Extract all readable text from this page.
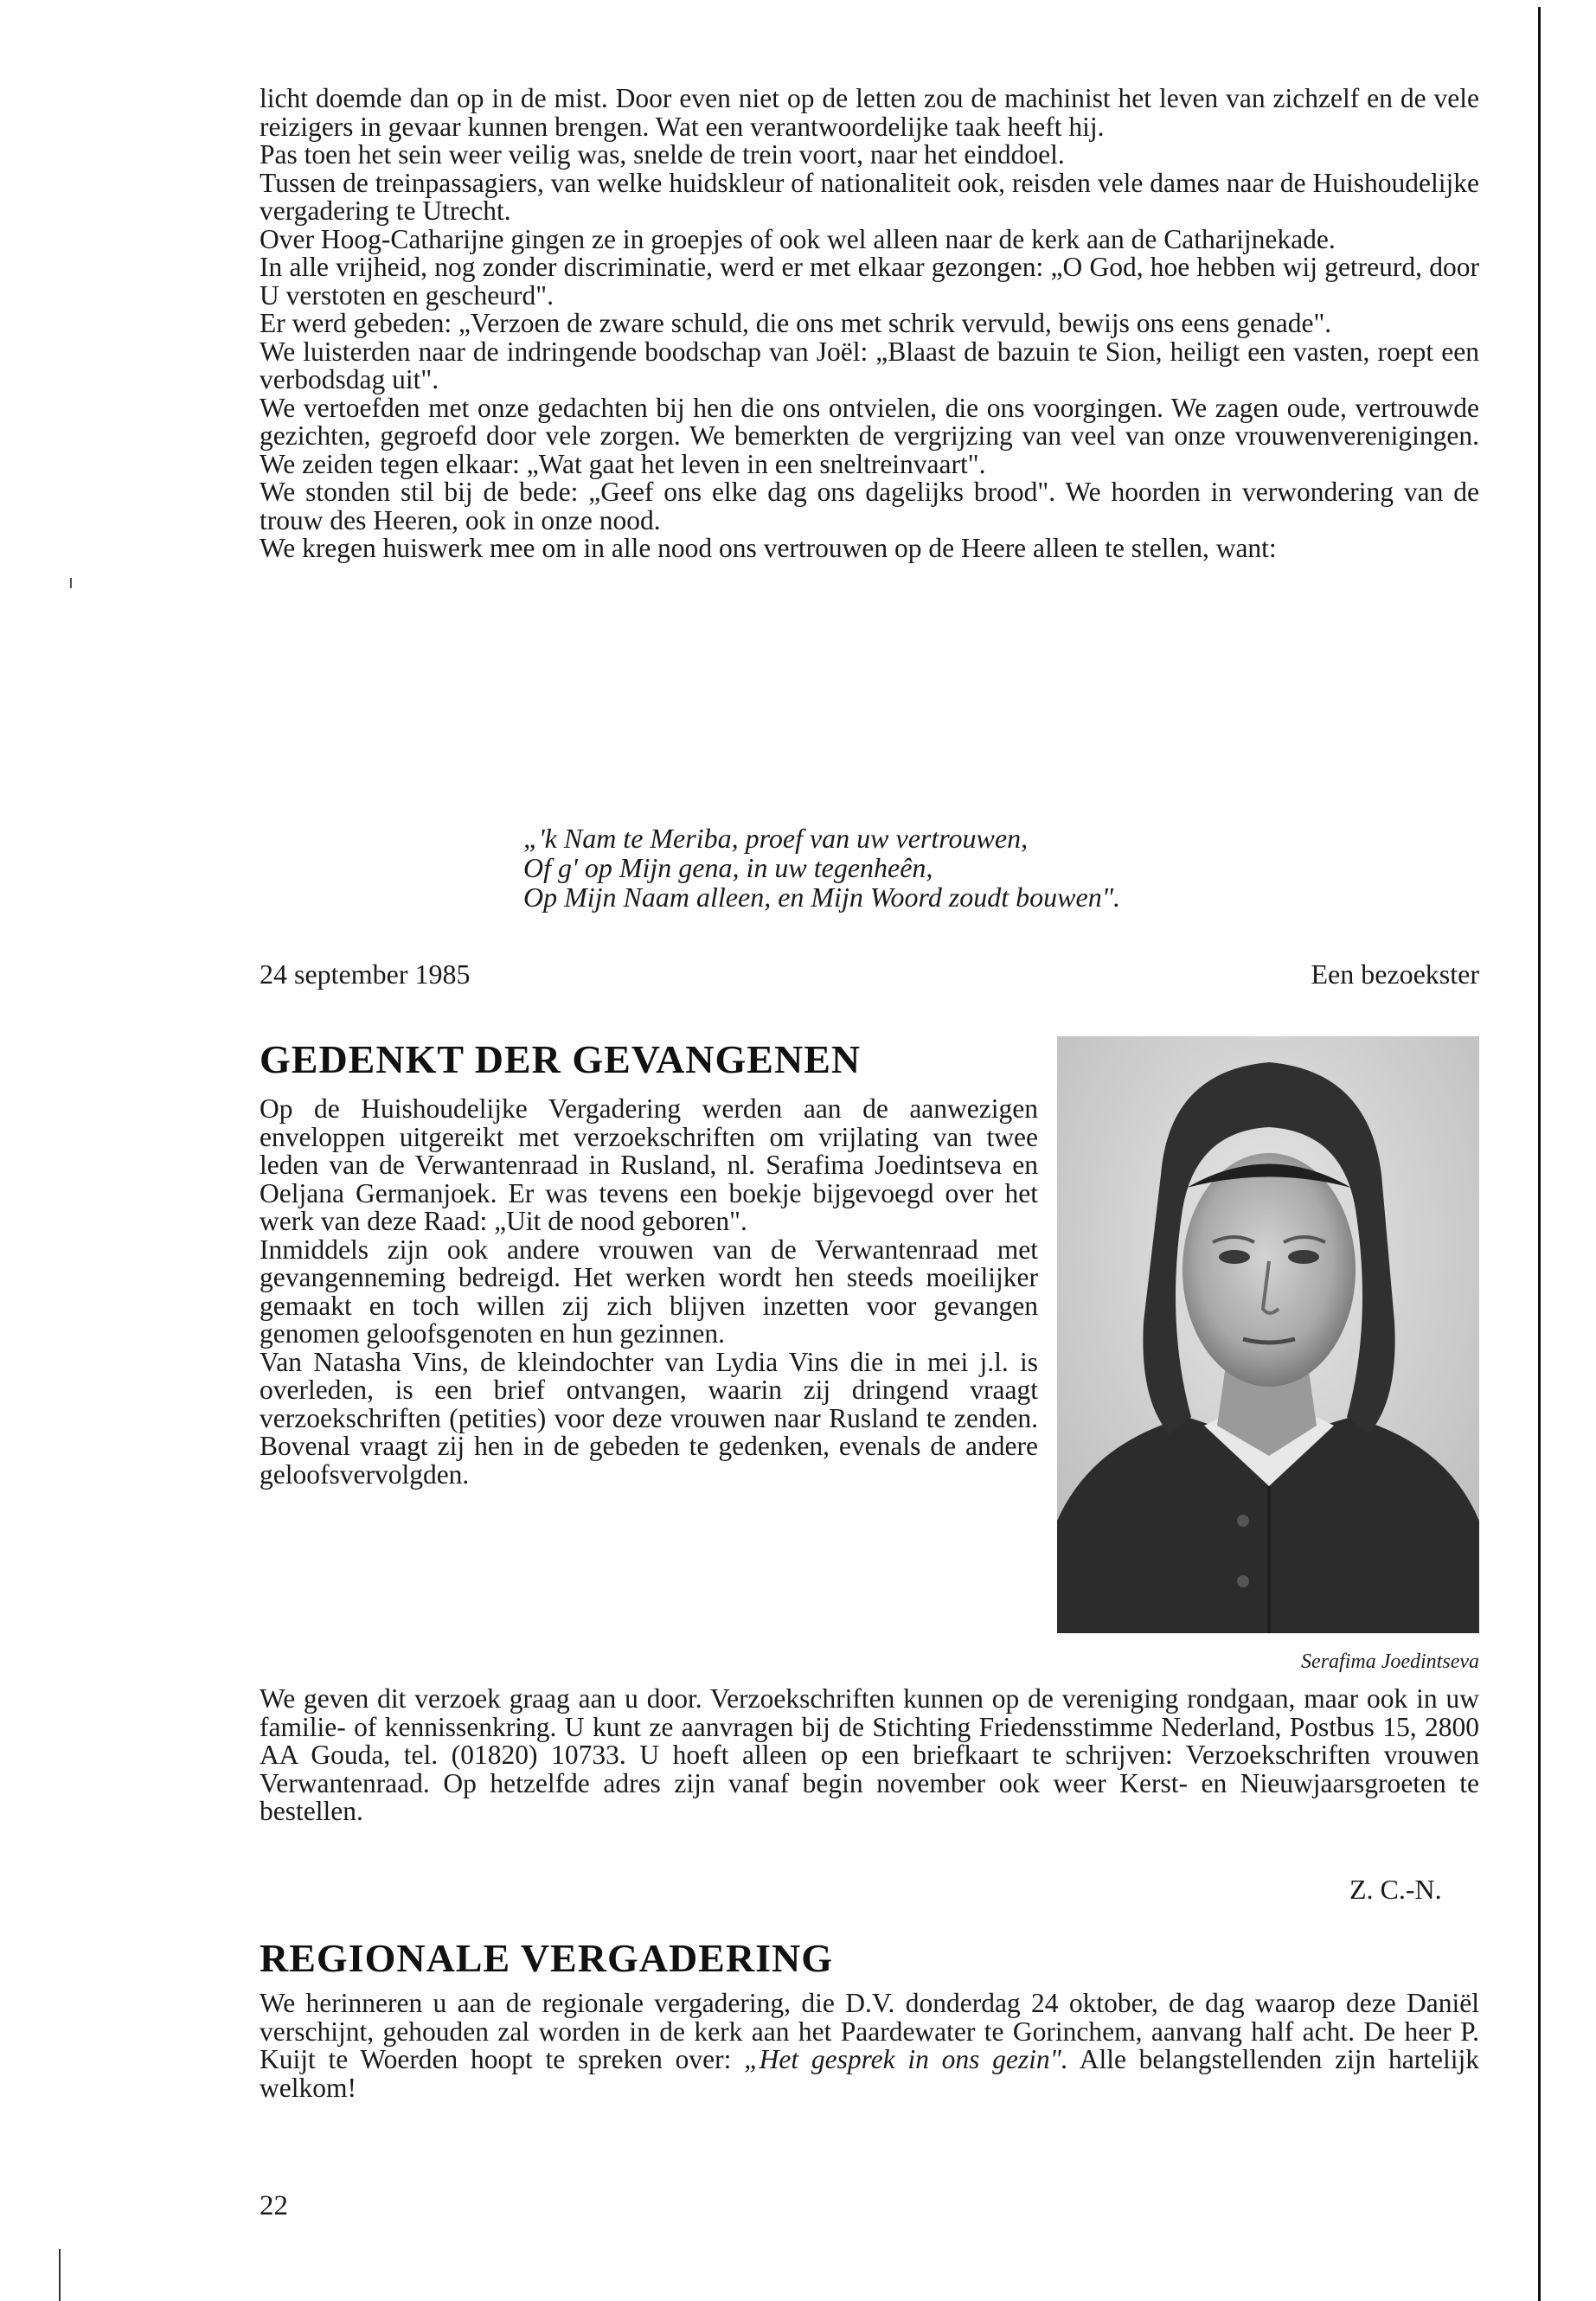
licht doemde dan op in de mist. Door even niet op de letten zou de machinist het leven van zichzelf en de vele reizigers in gevaar kunnen brengen. Wat een verantwoordelijke taak heeft hij.

Pas toen het sein weer veilig was, snelde de trein voort, naar het einddoel.

Tussen de treinpassagiers, van welke huidskleur of nationaliteit ook, reisden vele dames naar de Huishoudelijke vergadering te Utrecht.

Over Hoog-Catharijne gingen ze in groepjes of ook wel alleen naar de kerk aan de Catharijnekade.

In alle vrijheid, nog zonder discriminatie, werd er met elkaar gezongen: „O God, hoe hebben wij getreurd, door U verstoten en gescheurd".

Er werd gebeden: „Verzoen de zware schuld, die ons met schrik vervuld, bewijs ons eens genade".

We luisterden naar de indringende boodschap van Joël: „Blaast de bazuin te Sion, heiligt een vasten, roept een verbodsdag uit".

We vertoefden met onze gedachten bij hen die ons ontvielen, die ons voorgingen. We zagen oude, vertrouwde gezichten, gegroefd door vele zorgen. We bemerkten de vergrijzing van veel van onze vrouwenverenigingen. We zeiden tegen elkaar: „Wat gaat het leven in een sneltreinvaart".

We stonden stil bij de bede: „Geef ons elke dag ons dagelijks brood". We hoorden in verwondering van de trouw des Heeren, ook in onze nood.

We kregen huiswerk mee om in alle nood ons vertrouwen op de Heere alleen te stellen, want:

„'k Nam te Meriba, proef van uw vertrouwen,
Of g' op Mijn gena, in uw tegenheên,
Op Mijn Naam alleen, en Mijn Woord zoudt bouwen".
24 september 1985	Een bezoekster
GEDENKT DER GEVANGENEN

Op de Huishoudelijke Vergadering werden aan de aanwezigen enveloppen uitgereikt met verzoekschriften om vrijlating van twee leden van de Verwantenraad in Rusland, nl. Serafima Joedintseva en Oeljana Germanjoek. Er was tevens een boekje bijgevoegd over het werk van deze Raad: „Uit de nood geboren".

Inmiddels zijn ook andere vrouwen van de Verwantenraad met gevangenneming bedreigd. Het werken wordt hen steeds moeilijker gemaakt en toch willen zij zich blijven inzetten voor gevangen genomen geloofsgenoten en hun gezinnen.

Van Natasha Vins, de kleindochter van Lydia Vins die in mei j.l. is overleden, is een brief ontvangen, waarin zij dringend vraagt verzoekschriften (petities) voor deze vrouwen naar Rusland te zenden. Bovenal vraagt zij hen in de gebeden te gedenken, evenals de andere geloofsvervolgden.

Serafima Joedintseva
We geven dit verzoek graag aan u door. Verzoekschriften kunnen op de vereniging rondgaan, maar ook in uw familie- of kennissenkring. U kunt ze aanvragen bij de Stichting Friedensstimme Nederland, Postbus 15, 2800 AA Gouda, tel. (01820) 10733. U hoeft alleen op een briefkaart te schrijven: Verzoekschriften vrouwen Verwantenraad. Op hetzelfde adres zijn vanaf begin november ook weer Kerst- en Nieuwjaarsgroeten te bestellen.
Z. C.-N.
REGIONALE VERGADERING
We herinneren u aan de regionale vergadering, die D.V. donderdag 24 oktober, de dag waarop deze Daniël verschijnt, gehouden zal worden in de kerk aan het Paardewater te Gorinchem, aanvang half acht. De heer P. Kuijt te Woerden hoopt te spreken over: „Het gesprek in ons gezin". Alle belangstellenden zijn hartelijk welkom!
22
